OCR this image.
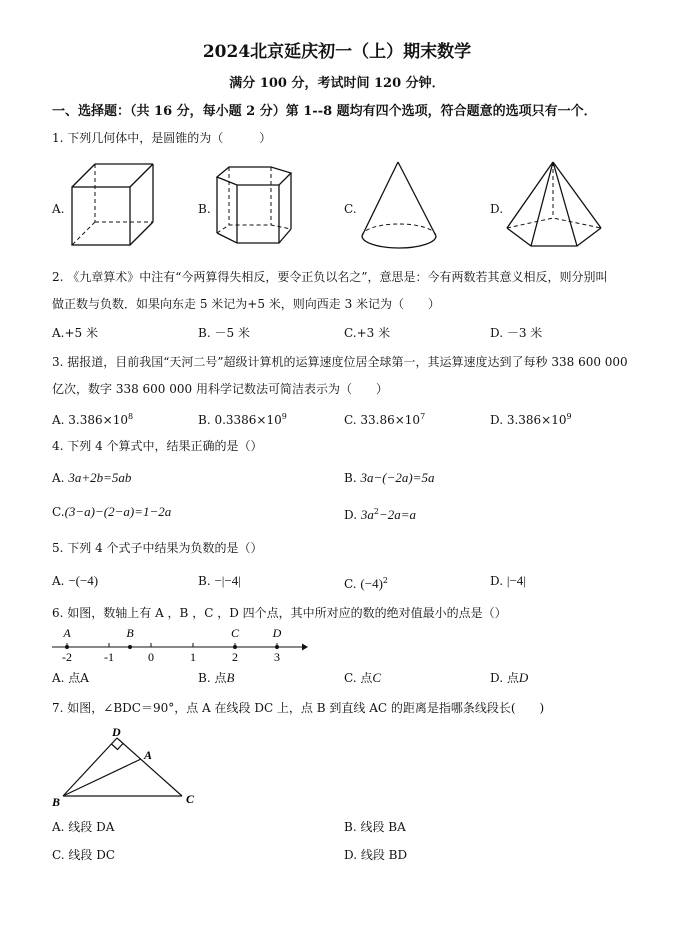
2024北京延庆初一（上）期末数学
满分 100 分，考试时间 120 分钟．
一、选择题：（共 16 分，每小题 2 分）第 1--8 题均有四个选项，符合题意的选项只有一个．
1. 下列几何体中，是圆锥的为（　　　）
A.	B.	C.	D.
2. 《九章算术》中注有“今两算得失相反，要令正负以名之”，意思是：今有两数若其意义相反，则分别叫
做正数与负数．如果向东走 5 米记为+5 米，则向西走 3 米记为（　　）
A.+5 米	B. －5 米	C.+3 米	D. －3 米
3. 据报道，目前我国“天河二号”超级计算机的运算速度位居全球第一，其运算速度达到了每秒 338 600 000
亿次，数字 338 600 000 用科学记数法可简洁表示为（　　）
A. $3.386\times 10^8$	B. $0.3386\times 10^9$	C. $33.86\times 10^7$	D. $3.386\times 10^9$
4. 下列 4 个算式中，结果正确的是（）
A. 3a+2b=5ab	B. 3a−(−2a)=5a
C.(3−a)−(2−a)=1−2a	D. $3a^2-2a=a$
5. 下列 4 个式子中结果为负数的是（）
A. −(−4)	B. −|−4|	C. $(-4)^2$	D. |−4|
6. 如图，数轴上有 A ，B ，C ，D 四个点，其中所对应的数的绝对值最小的点是（）
A	B	C	D
-2	-1	0	1	2	3
A. 点A	B. 点B	C. 点C	D. 点D
7. 如图，∠BDC＝90°，点 A 在线段 DC 上，点 B 到直线 AC 的距离是指哪条线段长(　　)
D
A
B	C
A. 线段 DA	B. 线段 BA
C. 线段 DC	D. 线段 BD
